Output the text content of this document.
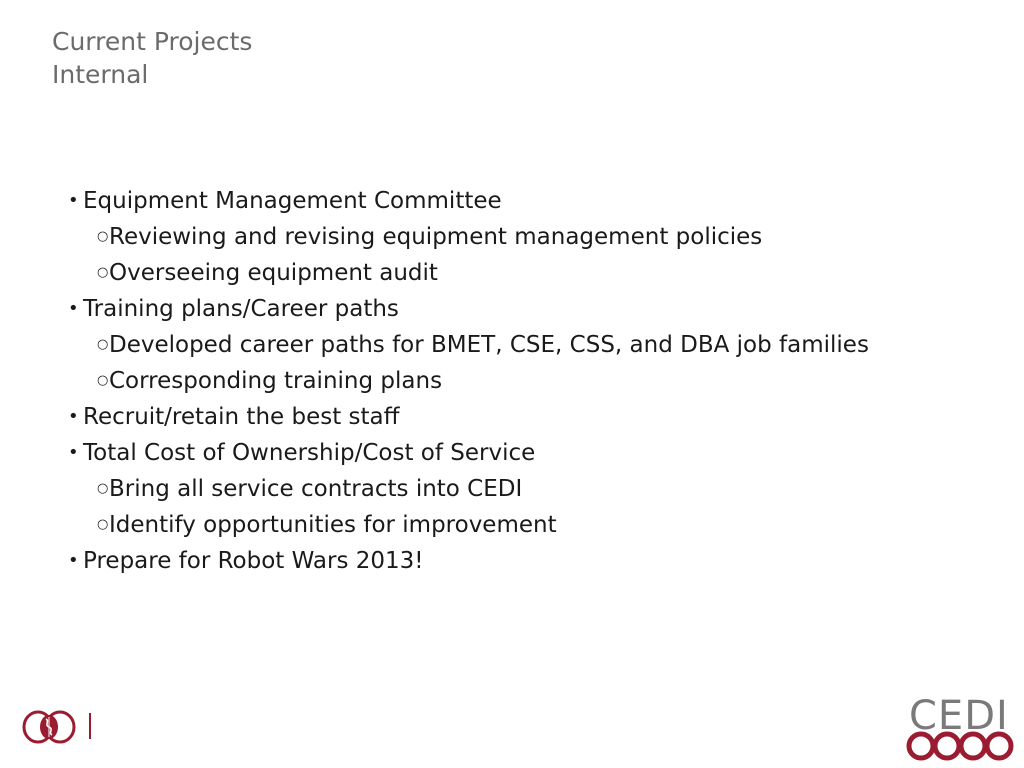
Current Projects
Internal
• Equipment Management Committee
○Reviewing and revising equipment management policies
○Overseeing equipment audit
• Training plans/Career paths
○Developed career paths for BMET, CSE, CSS, and DBA job families
○Corresponding training plans
• Recruit/retain the best staff
• Total Cost of Ownership/Cost of Service
○Bring all service contracts into CEDI
○Identify opportunities for improvement
• Prepare for Robot Wars 2013!
CEDI
